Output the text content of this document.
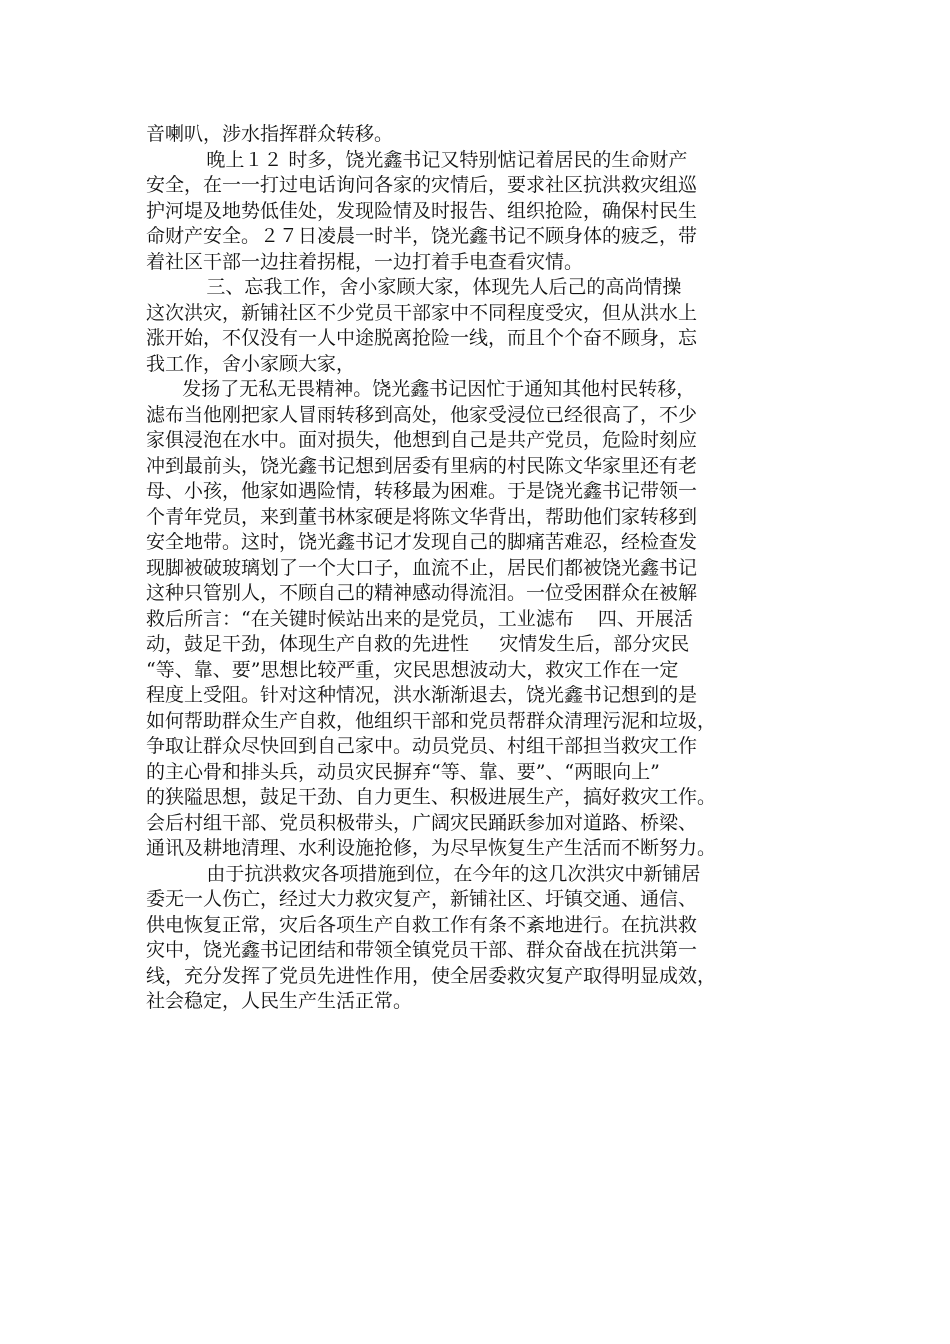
音喇叭，涉水指挥群众转移。
晚上１２ 时多，饶光鑫书记又特别惦记着居民的生命财产
安全，在一一打过电话询问各家的灾情后，要求社区抗洪救灾组巡
护河堤及地势低佳处，发现险情及时报告、组织抢险，确保村民生
命财产安全。２７日凌晨一时半，饶光鑫书记不顾身体的疲乏，带
着社区干部一边拄着拐棍，一边打着手电查看灾情。
三、忘我工作，舍小家顾大家，体现先人后己的高尚情操
这次洪灾，新铺社区不少党员干部家中不同程度受灾，但从洪水上
涨开始，不仅没有一人中途脱离抢险一线，而且个个奋不顾身，忘
我工作，舍小家顾大家，
发扬了无私无畏精神。饶光鑫书记因忙于通知其他村民转移，
滤布当他刚把家人冒雨转移到高处，他家受浸位已经很高了，不少
家俱浸泡在水中。面对损失，他想到自己是共产党员，危险时刻应
冲到最前头，饶光鑫书记想到居委有里病的村民陈文华家里还有老
母、小孩，他家如遇险情，转移最为困难。于是饶光鑫书记带领一
个青年党员，来到董书林家硬是将陈文华背出，帮助他们家转移到
安全地带。这时，饶光鑫书记才发现自己的脚痛苦难忍，经检查发
现脚被破玻璃划了一个大口子，血流不止，居民们都被饶光鑫书记
这种只管别人，不顾自己的精神感动得流泪。一位受困群众在被解
救后所言：“在关键时候站出来的是党员，工业滤布    四、开展活
动，鼓足干劲，体现生产自救的先进性     灾情发生后，部分灾民
“等、靠、要”思想比较严重，灾民思想波动大，救灾工作在一定
程度上受阻。针对这种情况，洪水渐渐退去，饶光鑫书记想到的是
如何帮助群众生产自救，他组织干部和党员帮群众清理污泥和垃圾，
争取让群众尽快回到自己家中。动员党员、村组干部担当救灾工作
的主心骨和排头兵，动员灾民摒弃“等、靠、要”、“两眼向上”
的狭隘思想，鼓足干劲、自力更生、积极进展生产，搞好救灾工作。
会后村组干部、党员积极带头，广阔灾民踊跃参加对道路、桥梁、
通讯及耕地清理、水利设施抢修，为尽早恢复生产生活而不断努力。
由于抗洪救灾各项措施到位，在今年的这几次洪灾中新铺居
委无一人伤亡，经过大力救灾复产，新铺社区、圩镇交通、通信、
供电恢复正常，灾后各项生产自救工作有条不紊地进行。在抗洪救
灾中，饶光鑫书记团结和带领全镇党员干部、群众奋战在抗洪第一
线，充分发挥了党员先进性作用，使全居委救灾复产取得明显成效，
社会稳定，人民生产生活正常。
